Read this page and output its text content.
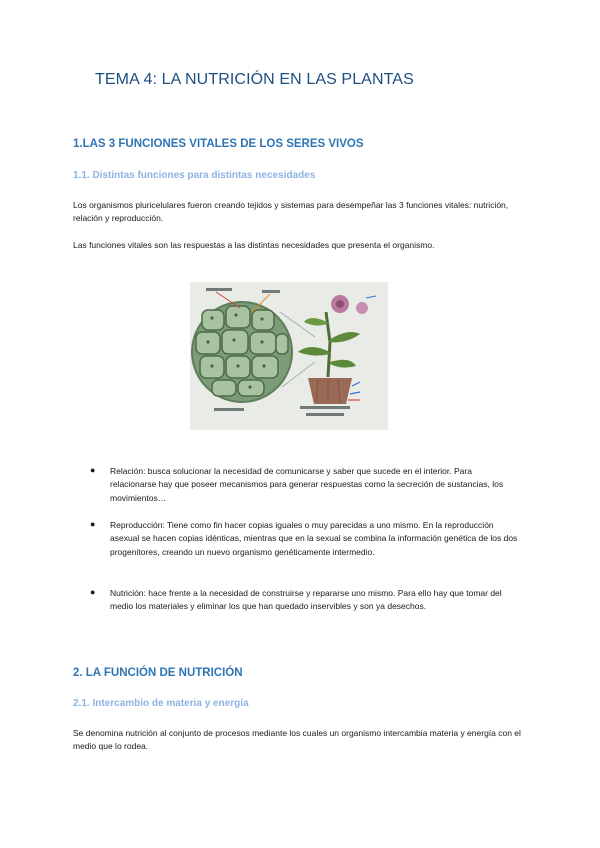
TEMA 4: LA NUTRICIÓN EN LAS PLANTAS
1.LAS 3 FUNCIONES VITALES DE LOS SERES VIVOS
1.1. Distintas funciones para distintas necesidades

Los organismos pluricelulares fueron creando tejidos y sistemas para desempeñar las 3 funciones vitales: nutrición, relación y reproducción.

Las funciones vitales son las respuestas a las distintas necesidades que presenta el organismo.

● Relación: busca solucionar la necesidad de comunicarse y saber que sucede en el interior. Para relacionarse hay que poseer mecanismos para generar respuestas como la secreción de sustancias, los movimientos…

● Reproducción: Tiene como fin hacer copias iguales o muy parecidas a uno mismo. En la reproducción asexual se hacen copias idénticas, mientras que en la sexual se combina la información genética de los dos progenitores, creando un nuevo organismo genéticamente intermedio.

● Nutrición: hace frente a la necesidad de construirse y repararse uno mismo. Para ello hay que tomar del medio los materiales y eliminar los que han quedado inservibles y son ya desechos.

2. LA FUNCIÓN DE NUTRICIÓN
2.1. Intercambio de materia y energía

Se denomina nutrición al conjunto de procesos mediante los cuales un organismo intercambia materia y energía con el medio que lo rodea.
